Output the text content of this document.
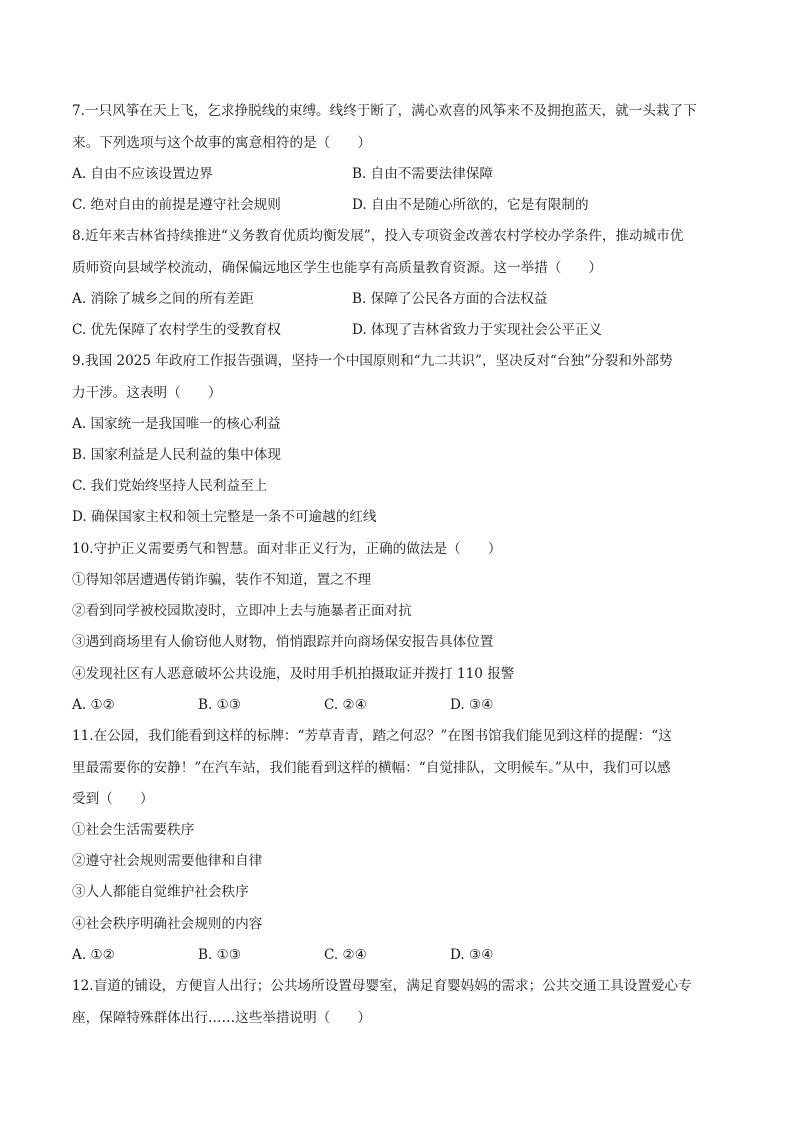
7.一只风筝在天上飞，乞求挣脱线的束缚。线终于断了，满心欢喜的风筝来不及拥抱蓝天，就一头栽了下
来。下列选项与这个故事的寓意相符的是（　　）
A. 自由不应该设置边界	B. 自由不需要法律保障
C. 绝对自由的前提是遵守社会规则	D. 自由不是随心所欲的，它是有限制的
8.近年来吉林省持续推进“义务教育优质均衡发展”，投入专项资金改善农村学校办学条件，推动城市优
质师资向县域学校流动，确保偏远地区学生也能享有高质量教育资源。这一举措（　　）
A. 消除了城乡之间的所有差距	B. 保障了公民各方面的合法权益
C. 优先保障了农村学生的受教育权	D. 体现了吉林省致力于实现社会公平正义
9.我国 2025 年政府工作报告强调，坚持一个中国原则和“九二共识”，坚决反对“台独”分裂和外部势
力干涉。这表明（　　）
A. 国家统一是我国唯一的核心利益
B. 国家利益是人民利益的集中体现
C. 我们党始终坚持人民利益至上
D. 确保国家主权和领土完整是一条不可逾越的红线
10.守护正义需要勇气和智慧。面对非正义行为，正确的做法是（　　）
①得知邻居遭遇传销诈骗，装作不知道，置之不理
②看到同学被校园欺凌时，立即冲上去与施暴者正面对抗
③遇到商场里有人偷窃他人财物，悄悄跟踪并向商场保安报告具体位置
④发现社区有人恶意破坏公共设施，及时用手机拍摄取证并拨打 110 报警
A. ①②	B. ①③	C. ②④	D. ③④
11.在公园，我们能看到这样的标牌：“芳草青青，踏之何忍？”在图书馆我们能见到这样的提醒：“这
里最需要你的安静！”在汽车站，我们能看到这样的横幅：“自觉排队，文明候车。”从中，我们可以感
受到（　　）
①社会生活需要秩序
②遵守社会规则需要他律和自律
③人人都能自觉维护社会秩序
④社会秩序明确社会规则的内容
A. ①②	B. ①③	C. ②④	D. ③④
12.盲道的铺设，方便盲人出行；公共场所设置母婴室，满足育婴妈妈的需求；公共交通工具设置爱心专
座，保障特殊群体出行……这些举措说明（　　）
